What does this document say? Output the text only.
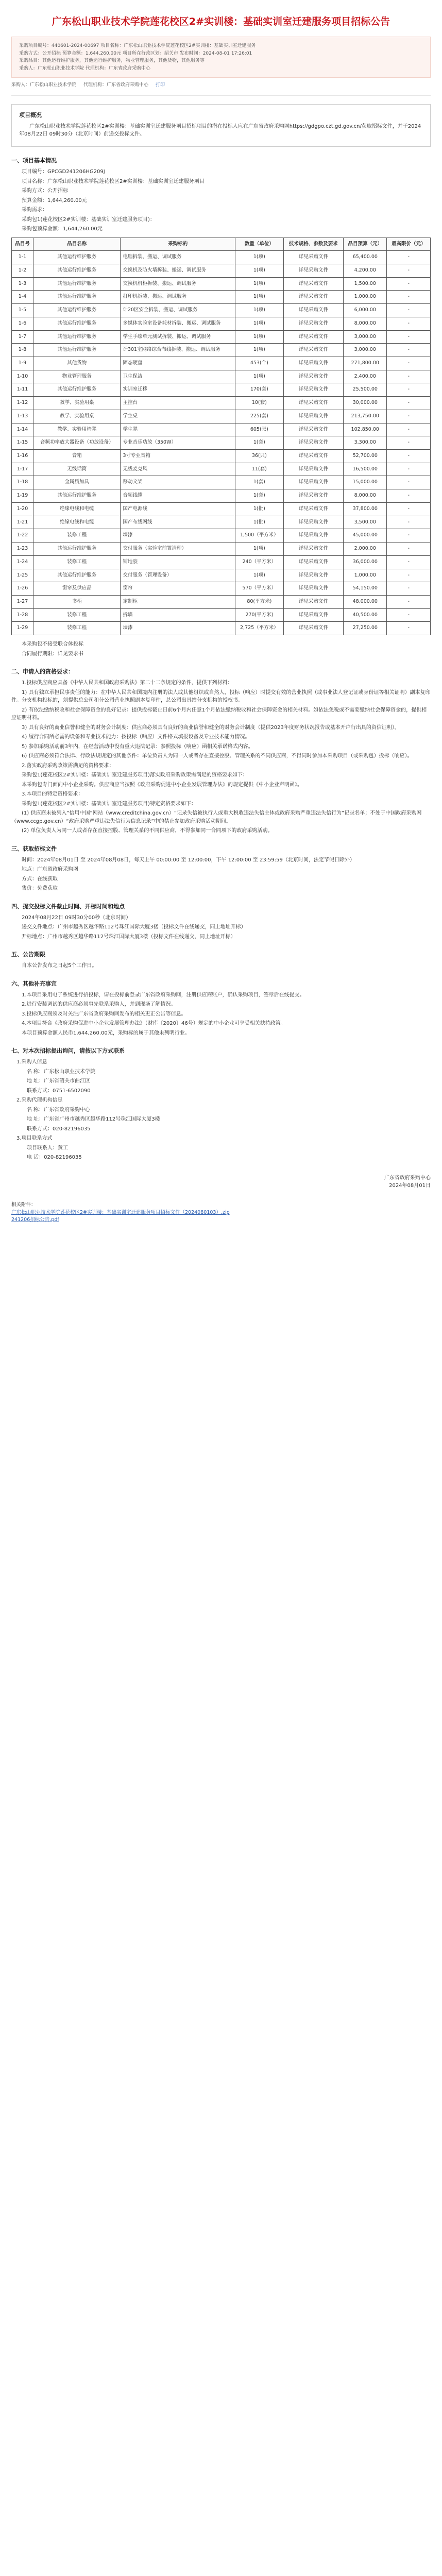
广东松山职业技术学院莲花校区2#实训楼：基础实训室迁建服务项目招标公告
采购项目编号：440601-2024-00697 项目名称：广东松山职业技术学院莲花校区2#实训楼：基础实训室迁建服务
采购方式：公开招标 预算金额：1,644,260.00元 项目所在行政区划：韶关市 发布时间：2024-08-01 17:26:01
采购品目：其他运行维护服务，其他运行维护服务，物业管理服务，其他货物，其他服务等
采购人：广东松山职业技术学院 代理机构：广东省政府采购中心
采购人：广东松山职业技术学院 代理机构：广东省政府采购中心 打印
项目概况

广东松山职业技术学院莲花校区2#实训楼：基础实训室迁建服务项目招标项目的潜在投标人应在广东省政府采购网https://gdgpo.czt.gd.gov.cn/获取招标文件，并于2024年08月22日 09时30分（北京时间）前递交投标文件。

一、项目基本情况

项目编号：GPCGD241206HG209J

项目名称：广东松山职业技术学院莲花校区2#实训楼：基础实训室迁建服务项目

采购方式：公开招标

预算金额：1,644,260.00元

采购需求：

采购包1(莲花校区2#实训楼：基础实训室迁建服务项目)：

采购包预算金额：1,644,260.00元

品目号	品目名称	采购标的	数量（单位）	技术规格、参数及要求	品目预算（元）	最高限价（元）
1-1	其他运行维护服务	电脑拆装、搬运、调试服务	1(项)	详见采购文件	65,400.00	-
1-2	其他运行维护服务	交换机及防火墙拆装、搬运、调试服务	1(项)	详见采购文件	4,200.00	-
1-3	其他运行维护服务	交换机机柜拆装、搬运、调试服务	1(项)	详见采购文件	1,500.00	-
1-4	其他运行维护服务	打印机拆装、搬运、调试服务	1(项)	详见采购文件	1,000.00	-
1-5	其他运行维护服务	计20区安全拆装、搬运、调试服务	1(项)	详见采购文件	6,000.00	-
1-6	其他运行维护服务	多媒体实验室设备耗材拆装、搬运、调试服务	1(项)	详见采购文件	8,000.00	-
1-7	其他运行维护服务	学生手绘单元测试拆装、搬运、调试服务	1(项)	详见采购文件	3,000.00	-
1-8	其他运行维护服务	计301室网络综合布线拆装、搬运、调试服务	1(项)	详见采购文件	3,000.00	-
1-9	其他货物	固态硬盘	453(个)	详见采购文件	271,800.00	-
1-10	物业管理服务	卫生保洁	1(项)	详见采购文件	2,400.00	-
1-11	其他运行维护服务	实训室迁移	170(套)	详见采购文件	25,500.00	-
1-12	教学、实验用桌	主控台	10(套)	详见采购文件	30,000.00	-
1-13	教学、实验用桌	学生桌	225(套)	详见采购文件	213,750.00	-
1-14	教学、实验用椅凳	学生凳	605(张)	详见采购文件	102,850.00	-
1-15	音频功率放大器设备（功放设备）	专业音乐功放（350W）	1(套)	详见采购文件	3,300.00	-
1-16	音箱	3寸专业音箱	36(只)	详见采购文件	52,700.00	-
1-17	无线话筒	无线麦克风	11(套)	详见采购文件	16,500.00	-
1-18	金属质加具	移动文架	1(套)	详见采购文件	15,000.00	-
1-19	其他运行维护服务	音频线缆	1(套)	详见采购文件	8,000.00	-
1-20	绝缘电线和电缆	国产电源线	1(批)	详见采购文件	37,800.00	-
1-21	绝缘电线和电缆	国产布线网线	1(批)	详见采购文件	3,500.00	-
1-22	装修工程	墙漆	1,500（平方米）	详见采购文件	45,000.00	-
1-23	其他运行维护服务	交付服务（实验室前置清理）	1(项)	详见采购文件	2,000.00	-
1-24	装修工程	铺地胶	240（平方米）	详见采购文件	36,000.00	-
1-25	其他运行维护服务	交付服务（管理设备）	1(项)	详见采购文件	1,000.00	-
1-26	窗帘及供应品	窗帘	570（平方米）	详见采购文件	54,150.00	-
1-27	书柜	定制柜	80(平方米)	详见采购文件	48,000.00	-
1-28	装修工程	拆墙	270(平方米)	详见采购文件	40,500.00	-
1-29	装修工程	墙漆	2,725（平方米）	详见采购文件	27,250.00	-

本采购包不接受联合体投标

合同履行期限：详见要求书

二、申请人的资格要求：

1.投标供应商应具备《中华人民共和国政府采购法》第二十二条规定的条件，提供下列材料：

1) 具有独立承担民事责任的能力：在中华人民共和国境内注册的法人或其他组织或自然人，投标（响应）时提交有效的营业执照（或事业法人登记证或身份证等相关证明）副本复印件。分支机构投标的，须提供总公司和分公司营业执照副本复印件，总公司出具给分支机构的授权书。

2) 有依法缴纳税收和社会保障资金的良好记录：提供投标截止日前6个月内任意1个月依法缴纳税收和社会保障资金的相关材料。如依法免税或不需要缴纳社会保障资金的，提供相应证明材料。

3) 具有良好的商业信誉和健全的财务会计制度：供应商必须具有良好的商业信誉和健全的财务会计制度（提供2023年度财务状况报告或基本开户行出具的资信证明）。

4) 履行合同所必需的设备和专业技术能力：按投标（响应）文件格式填报设备及专业技术能力情况。

5) 参加采购活动前3年内，在经营活动中没有重大违法记录：参照投标（响应）函相关承诺格式内容。

6) 供应商必须符合法律、行政法规规定的其他条件：单位负责人为同一人或者存在直接控股、管理关系的不同供应商，不得同时参加本采购项目（或采购包）投标（响应）。

2.落实政府采购政策需满足的资格要求：

采购包1(莲花校区2#实训楼：基础实训室迁建服务项目)落实政府采购政策需满足的资格要求如下：

本采购包专门面向中小企业采购。供应商应当按照《政府采购促进中小企业发展管理办法》的规定提供《中小企业声明函》。

3.本项目的特定资格要求：

采购包1(莲花校区2#实训楼：基础实训室迁建服务项目)特定资格要求如下：

(1) 供应商未被列入“信用中国”网站（www.creditchina.gov.cn）“记录失信被执行人或重大税收违法失信主体或政府采购严重违法失信行为”记录名单；不处于中国政府采购网（www.ccgp.gov.cn）“政府采购严重违法失信行为信息记录”中的禁止参加政府采购活动期间。

(2) 单位负责人为同一人或者存在直接控股、管理关系的不同供应商，不得参加同一合同项下的政府采购活动。

三、获取招标文件

时间：2024年08月01日 至 2024年08月08日，每天上午 00:00:00 至 12:00:00，下午 12:00:00 至 23:59:59（北京时间，法定节假日除外）

地点：广东省政府采购网

方式：在线获取

售价：免费获取

四、提交投标文件截止时间、开标时间和地点

2024年08月22日 09时30分00秒（北京时间）

递交文件地点：广州市越秀区越华路112号珠江国际大厦3楼（投标文件在线递交，同上地址开标）

开标地点：广州市越秀区越华路112号珠江国际大厦3楼（投标文件在线递交，同上地址开标）

五、公告期限

自本公告发布之日起5个工作日。

六、其他补充事宜

1.本项目采用电子系统进行招投标，请在投标前登录广东省政府采购网，注册供应商账户，确认采购项目，签章后在线提交。

2.进行安装调试的供应商必须事先联系采购人，并到现场了解情况。

3.投标供应商须及时关注广东省政府采购网发布的相关更正公告等信息。

4.本项目符合《政府采购促进中小企业发展管理办法》（财库〔2020〕46号）规定的中小企业可享受相关扶持政策。

本项目预算金额人民币1,644,260.00元，采购标的属于其他未列明行业。

七、对本次招标提出询问，请按以下方式联系

1.采购人信息

名 称：广东松山职业技术学院

地 址：广东省韶关市曲江区

联系方式：0751-6502090

2.采购代理机构信息

名 称：广东省政府采购中心

地 址：广东省广州市越秀区越华路112号珠江国际大厦3楼

联系方式：020-82196035

3.项目联系方式

项目联系人：黄工

电 话：020-82196035

广东省政府采购中心
2024年08月01日
相关附件：
广东松山职业技术学院莲花校区2#实训楼：基础实训室迁建服务项目招标文件（2024080103）.zip
241206招标公告.pdf
